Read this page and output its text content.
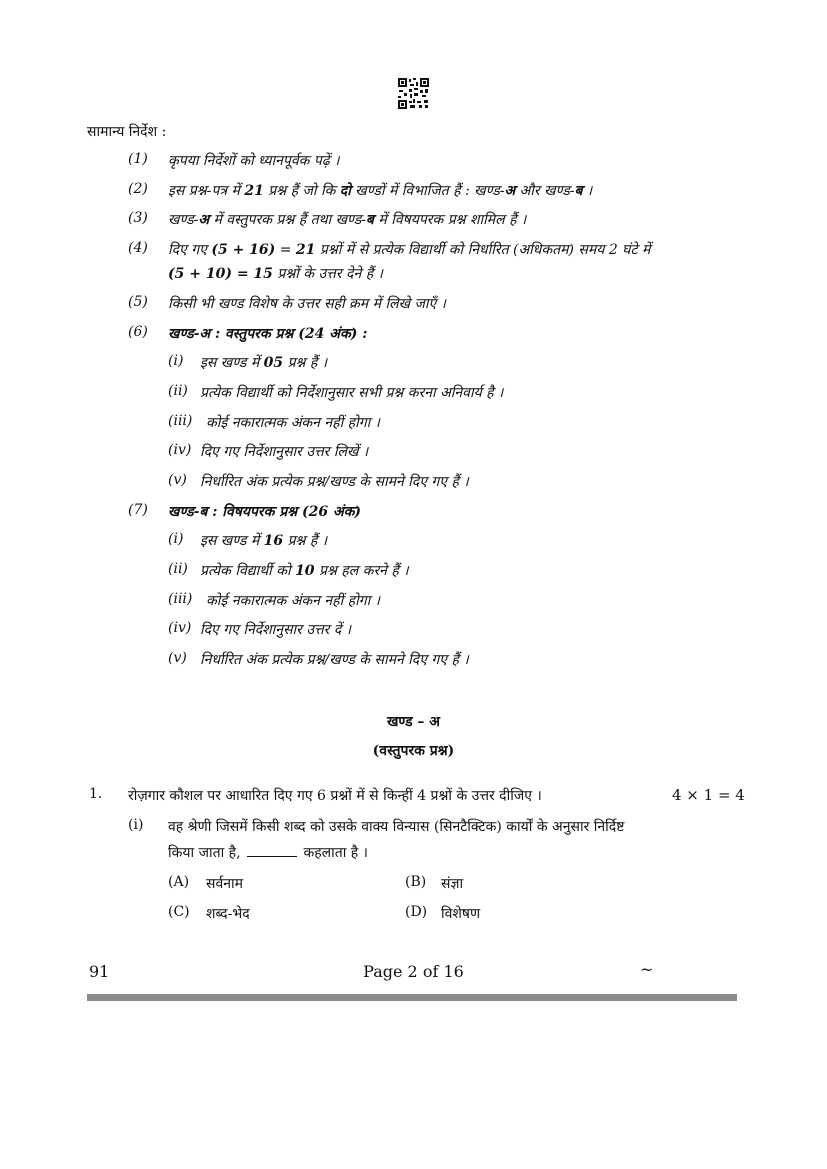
सामान्य निर्देश :
(1) कृपया निर्देशों को ध्यानपूर्वक पढ़ें ।
(2) इस प्रश्न-पत्र में 21 प्रश्न हैं जो कि दो खण्डों में विभाजित हैं : खण्ड-अ और खण्ड-ब ।
(3) खण्ड-अ में वस्तुपरक प्रश्न हैं तथा खण्ड-ब में विषयपरक प्रश्न शामिल हैं ।
(4) दिए गए (5 + 16) = 21 प्रश्नों में से प्रत्येक विद्यार्थी को निर्धारित (अधिकतम) समय 2 घंटे में
(5 + 10) = 15 प्रश्नों के उत्तर देने हैं ।
(5) किसी भी खण्ड विशेष के उत्तर सही क्रम में लिखे जाएँ ।
(6) खण्ड-अ : वस्तुपरक प्रश्न (24 अंक) :
(i) इस खण्ड में 05 प्रश्न हैं ।
(ii) प्रत्येक विद्यार्थी को निर्देशानुसार सभी प्रश्न करना अनिवार्य है ।
(iii) कोई नकारात्मक अंकन नहीं होगा ।
(iv) दिए गए निर्देशानुसार उत्तर लिखें ।
(v) निर्धारित अंक प्रत्येक प्रश्न/खण्ड के सामने दिए गए हैं ।
(7) खण्ड-ब : विषयपरक प्रश्न (26 अंक)
(i) इस खण्ड में 16 प्रश्न हैं ।
(ii) प्रत्येक विद्यार्थी को 10 प्रश्न हल करने हैं ।
(iii) कोई नकारात्मक अंकन नहीं होगा ।
(iv) दिए गए निर्देशानुसार उत्तर दें ।
(v) निर्धारित अंक प्रत्येक प्रश्न/खण्ड के सामने दिए गए हैं ।
खण्ड – अ
(वस्तुपरक प्रश्न)
1. रोज़गार कौशल पर आधारित दिए गए 6 प्रश्नों में से किन्हीं 4 प्रश्नों के उत्तर दीजिए ।	4 × 1 = 4
(i) वह श्रेणी जिसमें किसी शब्द को उसके वाक्य विन्यास (सिनटैक्टिक) कार्यों के अनुसार निर्दिष्ट
किया जाता है,	कहलाता है ।
(A) सर्वनाम	(B) संज्ञा
(C) शब्द-भेद	(D) विशेषण
91	Page 2 of 16	~
